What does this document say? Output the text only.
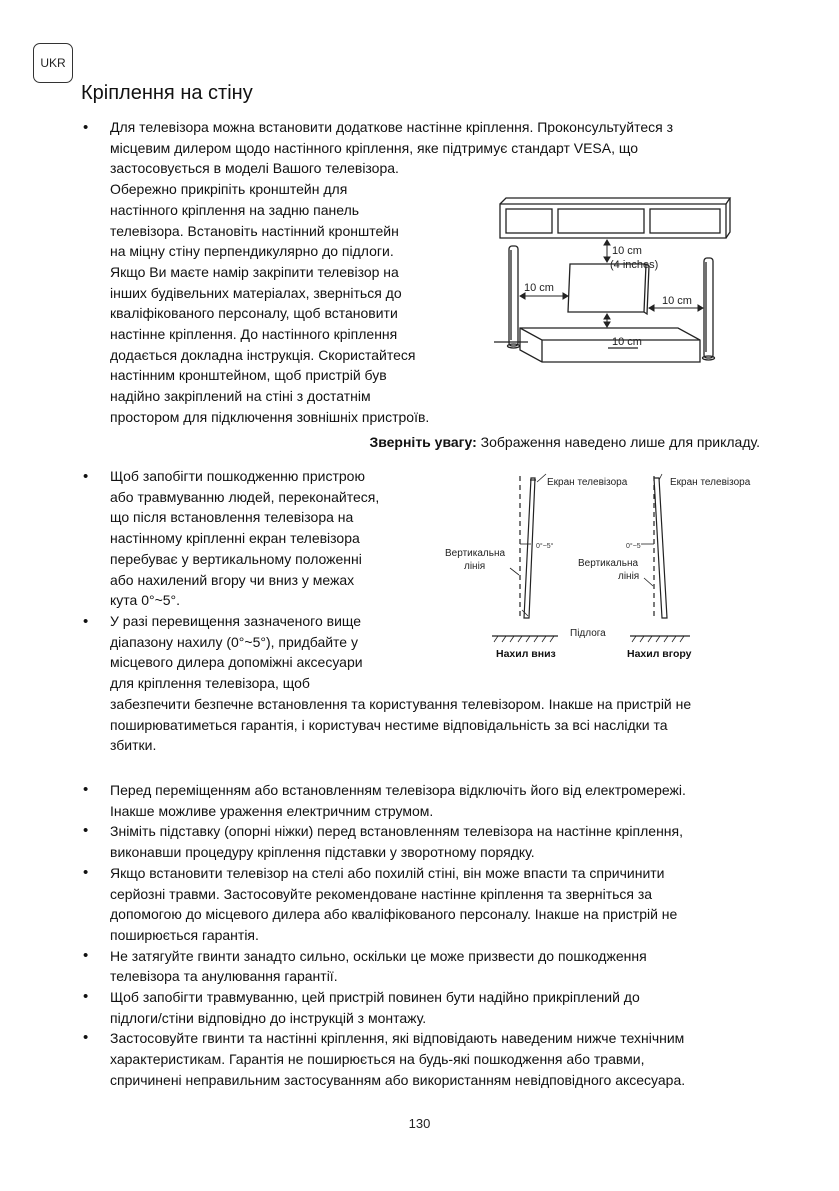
UKR
Кріплення на стіну
• Для телевізора можна встановити додаткове настінне кріплення. Проконсультуйтеся з
місцевим дилером щодо настінного кріплення, яке підтримує стандарт VESA, що
застосовується в моделі Вашого телевізора.
Обережно прикріпіть кронштейн для
настінного кріплення на задню панель
телевізора. Встановіть настінний кронштейн
на міцну стіну перпендикулярно до підлоги.
Якщо Ви маєте намір закріпити телевізор на
інших будівельних матеріалах, зверніться до
кваліфікованого персоналу, щоб встановити
настінне кріплення. До настінного кріплення
додається докладна інструкція. Скористайтеся
настінним кронштейном, щоб пристрій був
надійно закріплений на стіні з достатнім
простором для підключення зовнішніх пристроїв.
10 cm
(4 inches)
10 cm
10 cm
10 cm
Зверніть увагу: Зображення наведено лише для прикладу.
• Щоб запобігти пошкодженню пристрою
або травмуванню людей, переконайтеся,
що після встановлення телевізора на
настінному кріпленні екран телевізора
перебуває у вертикальному положенні
або нахилений вгору чи вниз у межах
кута 0°~5°.
• У разі перевищення зазначеного вище
діапазону нахилу (0°~5°), придбайте у
місцевого дилера допоміжні аксесуари
для кріплення телевізора, щоб
забезпечити безпечне встановлення та користування телевізором. Інакше на пристрій не
поширюватиметься гарантія, і користувач нестиме відповідальність за всі наслідки та
збитки.
Екран телевізора	Екран телевізора
Вертикальна
лінія	Вертикальна
лінія
Підлога
0°~5°	0°~5°
Нахил вниз	Нахил вгору
• Перед переміщенням або встановленням телевізора відключіть його від електромережі.
Інакше можливе ураження електричним струмом.
• Зніміть підставку (опорні ніжки) перед встановленням телевізора на настінне кріплення,
виконавши процедуру кріплення підставки у зворотному порядку.
• Якщо встановити телевізор на стелі або похилій стіні, він може впасти та спричинити
серйозні травми. Застосовуйте рекомендоване настінне кріплення та зверніться за
допомогою до місцевого дилера або кваліфікованого персоналу. Інакше на пристрій не
поширюється гарантія.
• Не затягуйте гвинти занадто сильно, оскільки це може призвести до пошкодження
телевізора та анулювання гарантії.
• Щоб запобігти травмуванню, цей пристрій повинен бути надійно прикріплений до
підлоги/стіни відповідно до інструкцій з монтажу.
• Застосовуйте гвинти та настінні кріплення, які відповідають наведеним нижче технічним
характеристикам. Гарантія не поширюється на будь-які пошкодження або травми,
спричинені неправильним застосуванням або використанням невідповідного аксесуара.
130
